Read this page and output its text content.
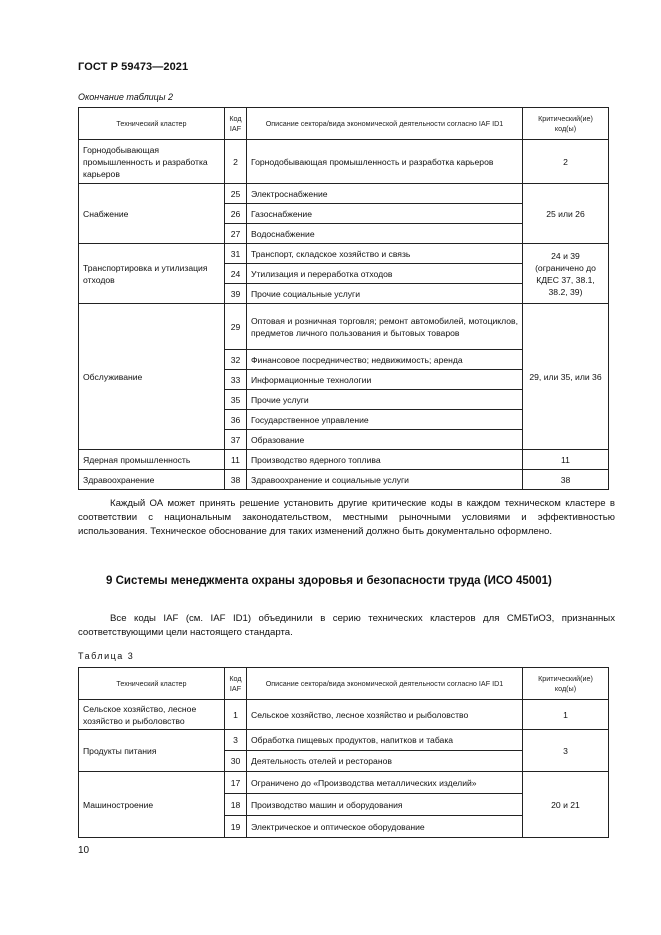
ГОСТ Р 59473—2021
Окончание таблицы 2
Технический кластер	Код IAF	Описание сектора/вида экономической деятельности согласно IAF ID1	Критический(ие) код(ы)
Горнодобывающая промышленность и разработка карьеров	2	Горнодобывающая промышленность и разработка карьеров	2
Снабжение	25	Электроснабжение	25 или 26
	26	Газоснабжение	
	27	Водоснабжение	
Транспортировка и утилизация отходов	31	Транспорт, складское хозяйство и связь	24 и 39 (ограничено до КДЕС 37, 38.1, 38.2, 39)
	24	Утилизация и переработка отходов	
	39	Прочие социальные услуги	
Обслуживание	29	Оптовая и розничная торговля; ремонт автомобилей, мотоциклов, предметов личного пользования и бытовых товаров	29, или 35, или 36
	32	Финансовое посредничество; недвижимость; аренда	
	33	Информационные технологии	
	35	Прочие услуги	
	36	Государственное управление	
	37	Образование	
Ядерная промышленность	11	Производство ядерного топлива	11
Здравоохранение	38	Здравоохранение и социальные услуги	38

Каждый ОА может принять решение установить другие критические коды в каждом техническом кластере в соответствии с национальным законодательством, местными рыночными условиями и эффективностью использования. Техническое обоснование для таких изменений должно быть документально оформлено.

9 Системы менеджмента охраны здоровья и безопасности труда (ИСО 45001)

Все коды IAF (см. IAF ID1) объединили в серию технических кластеров для СМБТиОЗ, признанных соответствующими цели настоящего стандарта.

Таблица 3
Технический кластер	Код IAF	Описание сектора/вида экономической деятельности согласно IAF ID1	Критический(ие) код(ы)
Сельское хозяйство, лесное хозяйство и рыболовство	1	Сельское хозяйство, лесное хозяйство и рыболовство	1
Продукты питания	3	Обработка пищевых продуктов, напитков и табака	3
	30	Деятельность отелей и ресторанов	
Машиностроение	17	Ограничено до «Производства металлических изделий»	20 и 21
	18	Производство машин и оборудования	
	19	Электрическое и оптическое оборудование	
10
